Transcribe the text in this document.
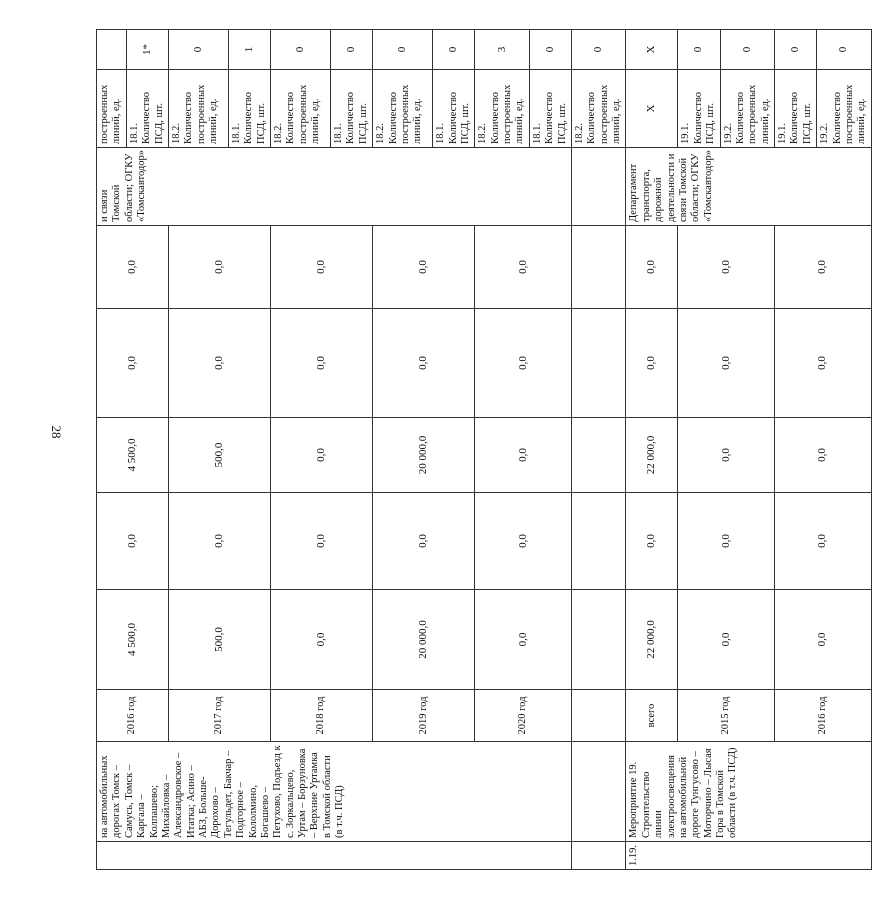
28
	на автомобильных дорогах Томск – Самусь, Томск – Каргала – Колпашево; Михайловка – Александровское – Итатка; Асино – АБЗ, Больше-Дорохово – Тегульдет, Бакчар – Подгорное – Кололмино, Богашево – Петухово, Подъезд к с. Зоркальцево, Уртам – Борзуновка – Верхние Уртамка в Томской области (в т.ч. ПСД)	2016 год	4 500,0	0,0	4 500,0	0,0	0,0	и связи Томской области; ОГКУ «Томскавтодор»	построенных линий, ед.	
									18.1. Количество ПСД, шт.	1*
		2017 год	500,0	0,0	500,0	0,0	0,0		18.2. Количество построенных линий, ед.	0
									18.1. Количество ПСД, шт.	1
		2018 год	0,0	0,0	0,0	0,0	0,0		18.2. Количество построенных линий, ед.	0
									18.1. Количество ПСД, шт.	0
		2019 год	20 000,0	0,0	20 000,0	0,0	0,0		18.2. Количество построенных линий, ед.	0
									18.1. Количество ПСД, шт.	0
		2020 год	0,0	0,0	0,0	0,0	0,0		18.2. Количество построенных линий, ед.	3
									18.1. Количество ПСД, шт.	0
									18.2. Количество построенных линий, ед.	0
1.19.	Мероприятие 19. Строительство линии электроосвещения на автомобильной дороге Тунгусово – Моторчино – Лысая Гора в Томской области (в т.ч. ПСД)	всего	22 000,0	0,0	22 000,0	0,0	0,0	Департамент транспорта, дорожной деятельности и связи Томской области; ОГКУ «Томскавтодор»	X	X
		2015 год	0,0	0,0	0,0	0,0	0,0		19.1. Количество ПСД, шт.	0
									19.2. Количество построенных линий, ед.	0
		2016 год	0,0	0,0	0,0	0,0	0,0		19.1. Количество ПСД, шт.	0
									19.2. Количество построенных линий, ед.	0
